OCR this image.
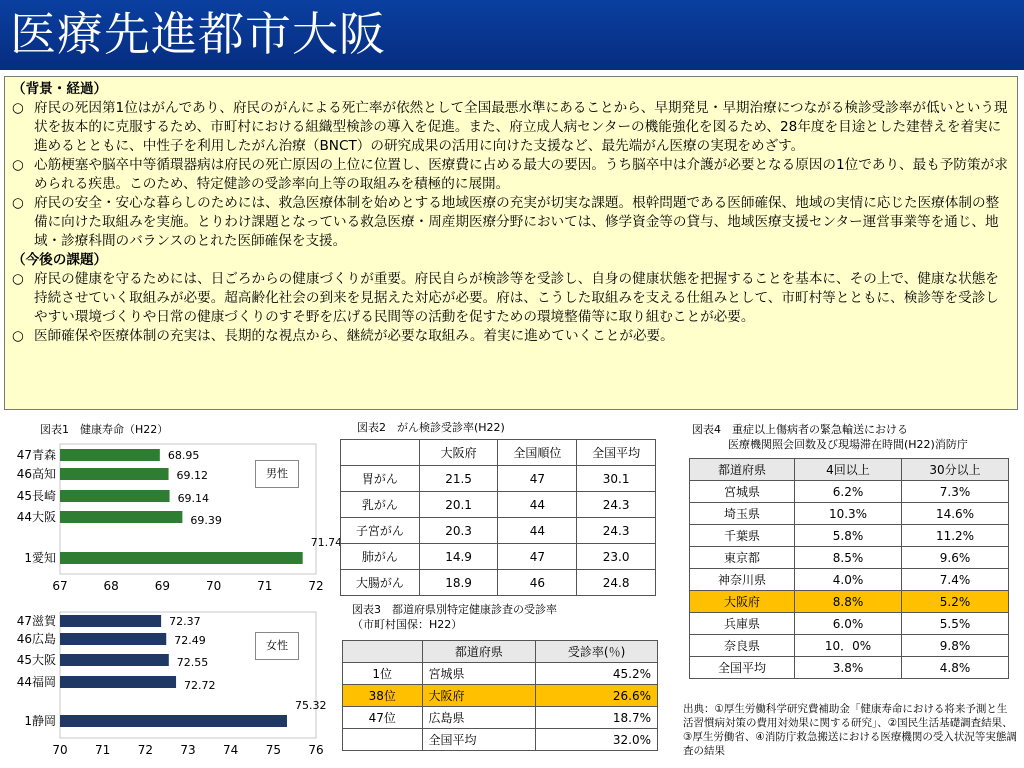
医療先進都市大阪
（背景・経過）
○ 府民の死因第1位はがんであり、府民のがんによる死亡率が依然として全国最悪水準にあることから、早期発見・早期治療につながる検診受診率が低いという現状を抜本的に克服するため、市町村における組織型検診の導入を促進。また、府立成人病センターの機能強化を図るため、28年度を目途とした建替えを着実に進めるとともに、中性子を利用したがん治療（BNCT）の研究成果の活用に向けた支援など、最先端がん医療の実現をめざす。
○ 心筋梗塞や脳卒中等循環器病は府民の死亡原因の上位に位置し、医療費に占める最大の要因。うち脳卒中は介護が必要となる原因の1位であり、最も予防策が求められる疾患。このため、特定健診の受診率向上等の取組みを積極的に展開。
○ 府民の安全・安心な暮らしのためには、救急医療体制を始めとする地域医療の充実が切実な課題。根幹問題である医師確保、地域の実情に応じた医療体制の整備に向けた取組みを実施。とりわけ課題となっている救急医療・周産期医療分野においては、修学資金等の貸与、地域医療支援センター運営事業等を通じ、地域・診療科間のバランスのとれた医師確保を支援。
（今後の課題）
○ 府民の健康を守るためには、日ごろからの健康づくりが重要。府民自らが検診等を受診し、自身の健康状態を把握することを基本に、その上で、健康な状態を持続させていく取組みが必要。超高齢化社会の到来を見据えた対応が必要。府は、こうした取組みを支える仕組みとして、市町村等とともに、検診等を受診しやすい環境づくりや日常の健康づくりのすそ野を広げる民間等の活動を促すための環境整備等に取り組むことが必要。
○ 医師確保や医療体制の充実は、長期的な視点から、継続が必要な取組み。着実に進めていくことが必要。
図表1　健康寿命（H22）
67	68	69	70	71	72
47青森	68.95
46高知	69.12
45長崎	69.14
44大阪	69.39
1愛知
71.74
男性
70 71 72 73 74 75 76
47滋賀	72.37
46広島	72.49
45大阪	72.55
44福岡	72.72
1静岡
75.32
女性
図表2　がん検診受診率(H22)
	大阪府	全国順位	全国平均
胃がん	21.5	47	30.1
乳がん	20.1	44	24.3
子宮がん	20.3	44	24.3
肺がん	14.9	47	23.0
大腸がん	18.9	46	24.8
図表3　都道府県別特定健康診査の受診率
（市町村国保：H22）
	都道府県	受診率(％)
1位	宮城県	45.2%
38位	大阪府	26.6%
47位	広島県	18.7%
	全国平均	32.0%
図表4　重症以上傷病者の緊急輸送における
医療機関照会回数及び現場滞在時間(H22)消防庁
都道府県	4回以上	30分以上
宮城県	6.2%	7.3%
埼玉県	10.3%	14.6%
千葉県	5.8%	11.2%
東京都	8.5%	9.6%
神奈川県	4.0%	7.4%
大阪府	8.8%	5.2%
兵庫県	6.0%	5.5%
奈良県	10．0%	9.8%
全国平均	3.8%	4.8%
出典：①厚生労働科学研究費補助金「健康寿命における将来予測と生活習慣病対策の費用対効果に関する研究」、②国民生活基礎調査結果、③厚生労働省、④消防庁救急搬送における医療機関の受入状況等実態調査の結果
